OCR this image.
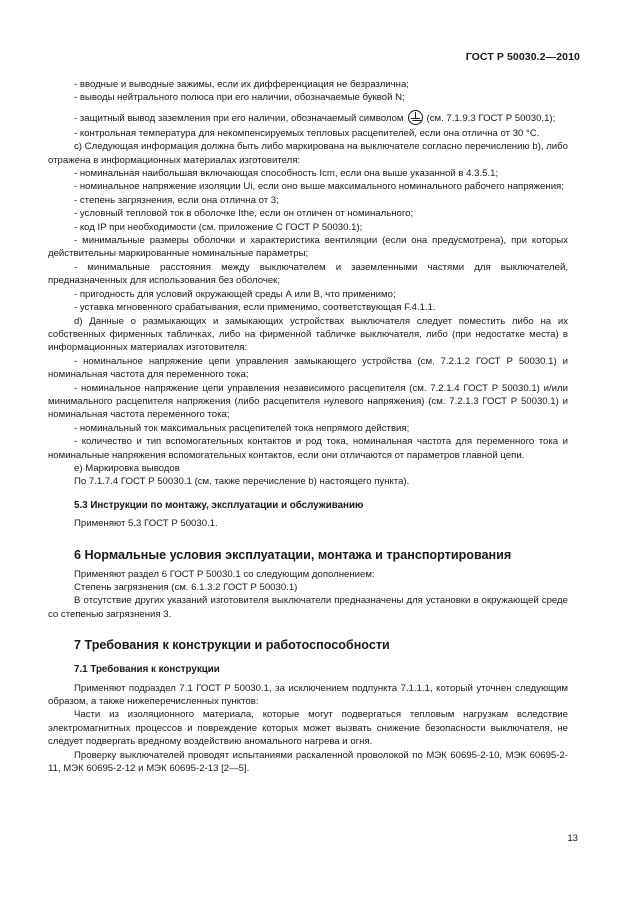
ГОСТ Р 50030.2—2010

- вводные и выводные зажимы, если их дифференциация не безразлична;

- выводы нейтрального полюса при его наличии, обозначаемые буквой N;

- защитный вывод заземления при его наличии, обозначаемый символом (см. 7.1.9.3 ГОСТ Р 50030.1);

- контрольная температура для некомпенсируемых тепловых расцепителей, если она отлична от 30 °С.

с) Следующая информация должна быть либо маркирована на выключателе согласно перечислению b), либо отражена в информационных материалах изготовителя:

- номинальная наибольшая включающая способность Icm, если она выше указанной в 4.3.5.1;

- номинальное напряжение изоляции Ui, если оно выше максимального номинального рабочего напряжения;

- степень загрязнения, если она отлична от 3;

- условный тепловой ток в оболочке Ithe, если он отличен от номинального;

- код IP при необходимости (см. приложение С ГОСТ Р 50030.1);

- минимальные размеры оболочки и характеристика вентиляции (если она предусмотрена), при которых действительны маркированные номинальные параметры;

- минимальные расстояния между выключателем и заземленными частями для выключателей, предназначенных для использования без оболочек;

- пригодность для условий окружающей среды А или В, что применимо;

- уставка мгновенного срабатывания, если применимо, соответствующая F.4.1.1.

d) Данные о размыкающих и замыкающих устройствах выключателя следует поместить либо на их собственных фирменных табличках, либо на фирменной табличке выключателя, либо (при недостатке места) в информационных материалах изготовителя:

- номинальное напряжение цепи управления замыкающего устройства (см. 7.2.1.2 ГОСТ Р 50030.1) и номинальная частота для переменного тока;

- номинальное напряжение цепи управления независимого расцепителя (см. 7.2.1.4 ГОСТ Р 50030.1) и/или минимального расцепителя напряжения (либо расцепителя нулевого напряжения) (см. 7.2.1.3 ГОСТ Р 50030.1) и номинальная частота переменного тока;

- номинальный ток максимальных расцепителей тока непрямого действия;

- количество и тип вспомогательных контактов и род тока, номинальная частота для переменного тока и номинальные напряжения вспомогательных контактов, если они отличаются от параметров главной цепи.

е) Маркировка выводов

По 7.1.7.4 ГОСТ Р 50030.1 (см. также перечисление b) настоящего пункта).

5.3 Инструкции по монтажу, эксплуатации и обслуживанию

Применяют 5.3 ГОСТ Р 50030.1.

6 Нормальные условия эксплуатации, монтажа и транспортирования

Применяют раздел 6 ГОСТ Р 50030.1 со следующим дополнением:

Степень загрязнения (см. 6.1.3.2 ГОСТ Р 50030.1)

В отсутствие других указаний изготовителя выключатели предназначены для установки в окружающей среде со степенью загрязнения 3.

7 Требования к конструкции и работоспособности

7.1 Требования к конструкции

Применяют подраздел 7.1 ГОСТ Р 50030.1, за исключением подпункта 7.1.1.1, который уточнен следующим образом, а также нижеперечисленных пунктов:

Части из изоляционного материала, которые могут подвергаться тепловым нагрузкам вследствие электромагнитных процессов и повреждение которых может вызвать снижение безопасности выключателя, не следует подвергать вредному воздействию аномального нагрева и огня.

Проверку выключателей проводят испытаниями раскаленной проволокой по МЭК 60695-2-10, МЭК 60695-2-11, МЭК 60695-2-12 и МЭК 60695-2-13 [2—5].

13
